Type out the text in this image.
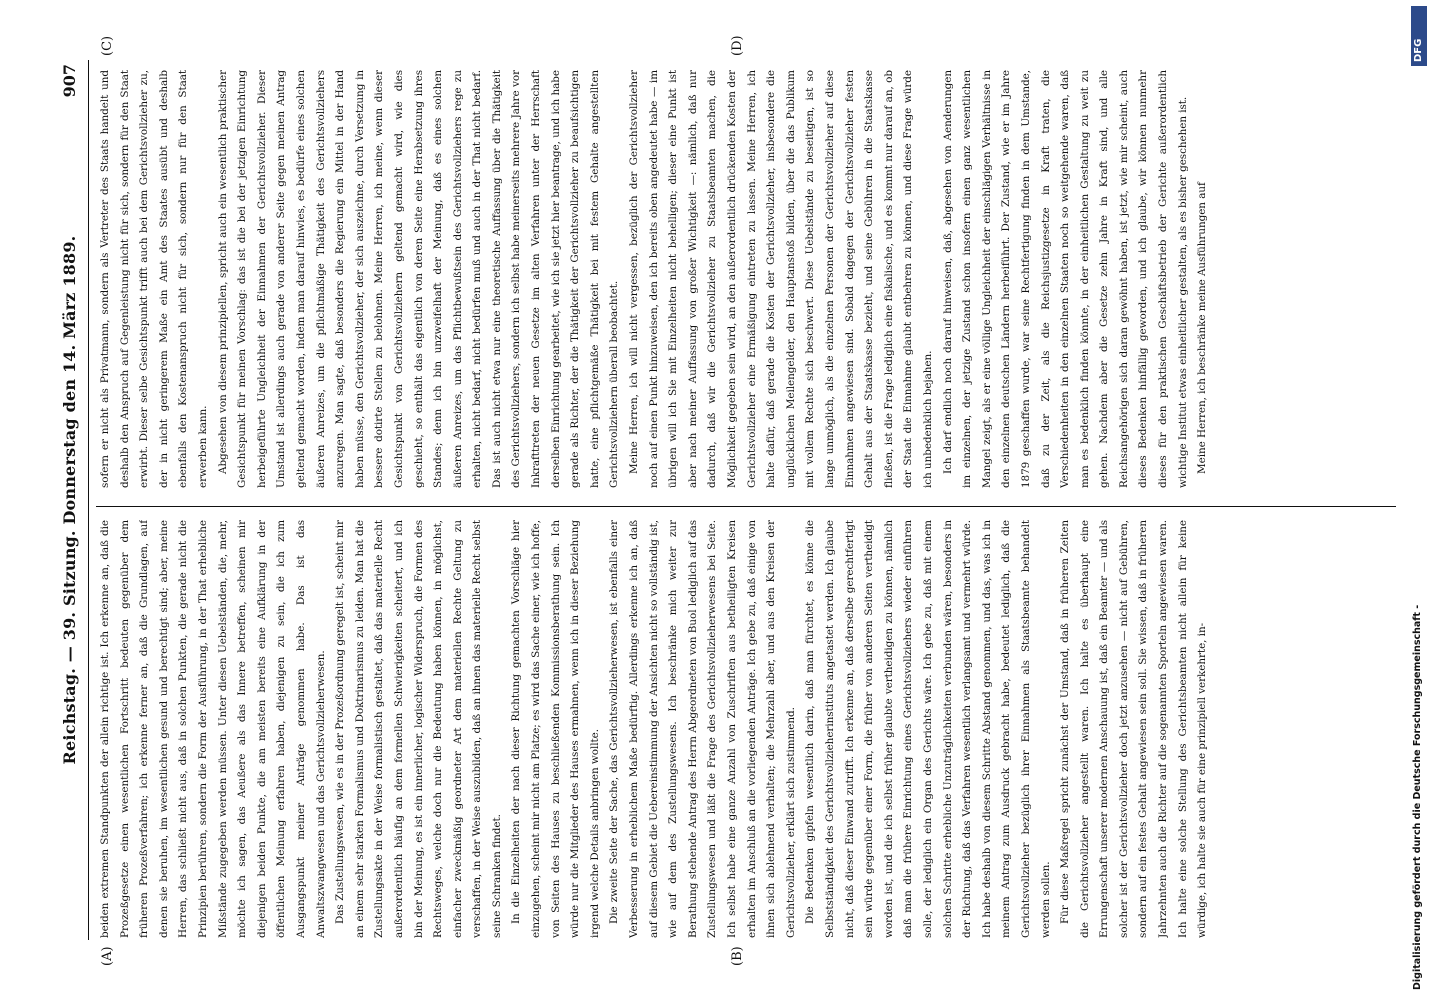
Reichstag. — 39. Sitzung. Donnerstag den 14. März 1889.
907

beiden extremen Standpunkten der allein richtige ist. Ich erkenne an, daß die Prozeßgesetze einen wesentlichen Fortschritt bedeuten gegenüber dem früheren Prozeßverfahren; ich erkenne ferner an, daß die Grundlagen, auf denen sie beruhen, im wesentlichen gesund und berechtigt sind; aber, meine Herren, das schließt nicht aus, daß in solchen Punkten, die gerade nicht die Prinzipien berühren, sondern die Form der Ausführung, in der That erhebliche Mißstände zugegeben werden müssen. Unter diesen Uebelständen, die, mehr, möchte ich sagen, das Aeußere als das Innere betreffen, scheinen mir diejenigen beiden Punkte, die am meisten bereits eine Aufklärung in der öffentlichen Meinung erfahren haben, diejenigen zu sein, die ich zum Ausgangspunkt meiner Anträge genommen habe. Das ist das Anwaltszwangwesen und das Gerichtsvollzieherwesen. Das Zustellungswesen, wie es in der Prozeßordnung geregelt ist, scheint mir an einem sehr starken Formalismus und Doktrinarismus zu leiden. Man hat die Zustellungsakte in der Weise formalistisch gestaltet, daß das materielle Recht außerordentlich häufig an dem formellen Schwierigkeiten scheitert, und ich bin der Meinung, es ist ein innerlicher, logischer Widerspruch, die Formen des Rechtsweges, welche doch nur die Bedeutung haben können, in möglichst, einfacher zweckmäßig geordneter Art dem materiellen Rechte Geltung zu verschaffen, in der Weise auszubilden, daß an ihnen das materielle Recht selbst seine Schranken findet. In die Einzelheiten der nach dieser Richtung gemachten Vorschläge hier einzugehen, scheint mir nicht am Platze; es wird das Sache einer, wie ich hoffe, von Seiten des Hauses zu beschließenden Kommissionsberathung sein. Ich würde nur die Mitglieder des Hauses ermahnen, wenn ich in dieser Beziehung irgend welche Details anbringen wollte. Die zweite Seite der Sache, das Gerichtsvollzieherwesen, ist ebenfalls einer Verbesserung in erheblichem Maße bedürftig. Allerdings erkenne ich an, daß auf diesem Gebiet die Uebereinstimmung der Ansichten nicht so vollständig ist, wie auf dem des Zustellungswesens. Ich beschränke mich weiter zur Berathung stehende Antrag des Herrn Abgeordneten von Buol lediglich auf das Zustellungswesen und läßt die Frage des Gerichtsvollzieherwesens bei Seite. Ich selbst habe eine ganze Anzahl von Zuschriften aus betheiligten Kreisen erhalten im Anschluß an die vorliegenden Anträge. Ich gebe zu, daß einige von ihnen sich ablehnend verhalten; die Mehrzahl aber, und aus den Kreisen der Gerichtsvollzieher, erklärt sich zustimmend. Die Bedenken gipfeln wesentlich darin, daß man fürchtet, es könne die Selbstständigkeit des Gerichtsvollzieherinstituts angetastet werden. Ich glaube nicht, daß dieser Einwand zutrifft. Ich erkenne an, daß derselbe gerechtfertigt sein würde gegenüber einer Form, die früher von anderen Seiten vertheidigt worden ist, und die ich selbst früher glaubte vertheidigen zu können, nämlich daß man die frühere Einrichtung eines Gerichtsvollziehers wieder einführen solle, der lediglich ein Organ des Gerichts wäre. Ich gebe zu, daß mit einem solchen Schritte erhebliche Unzuträglichkeiten verbunden wären, besonders in der Richtung, daß das Verfahren wesentlich verlangsamt und vermehrt würde. Ich habe deshalb von diesem Schritte Abstand genommen, und das, was ich in meinem Antrag zum Ausdruck gebracht habe, bedeutet lediglich, daß die Gerichtsvollzieher bezüglich ihrer Einnahmen als Staatsbeamte behandelt werden sollen. Für diese Maßregel spricht zunächst der Umstand, daß in früheren Zeiten die Gerichtsvollzieher angestellt waren. Ich halte es überhaupt eine Errungenschaft unserer modernen Anschauung ist, daß ein Beamter — und als solcher ist der Gerichtsvollzieher doch jetzt anzusehen — nicht auf Gebühren, sondern auf ein festes Gehalt angewiesen sein soll. Sie wissen, daß in früheren Jahrzehnten auch die Richter auf die sogenannten Sporteln angewiesen waren. Ich halte eine solche Stellung des Gerichtsbeamten nicht allein für keine würdige, ich halte sie auch für eine prinzipiell verkehrte, in-

sofern er nicht als Privatmann, sondern als Vertreter des Staats handelt und deshalb den Anspruch auf Gegenleistung nicht für sich, sondern für den Staat erwirbt. Dieser selbe Gesichtspunkt trifft auch bei dem Gerichtsvollzieher zu, der in nicht geringerem Maße ein Amt des Staates ausübt und deshalb ebenfalls den Kostenanspruch nicht für sich, sondern nur für den Staat erwerben kann. Abgesehen von diesem prinzipiellen, spricht auch ein wesentlich praktischer Gesichtspunkt für meinen Vorschlag: das ist die bei der jetzigen Einrichtung herbeigeführte Ungleichheit der Einnahmen der Gerichtsvollzieher. Dieser Umstand ist allerdings auch gerade von anderer Seite gegen meinen Antrag geltend gemacht worden, indem man darauf hinwies, es bedürfe eines solchen äußeren Anreizes, um die pflichtmäßige Thätigkeit des Gerichtsvollziehers anzuregen. Man sagte, daß besonders die Regierung ein Mittel in der Hand haben müsse, den Gerichtsvollzieher, der sich auszeichne, durch Versetzung in bessere dotirte Stellen zu belohnen. Meine Herren, ich meine, wenn dieser Gesichtspunkt von Gerichtsvollziehern geltend gemacht wird, wie dies geschieht, so enthält das eigentlich von deren Seite eine Herabsetzung ihres Standes; denn ich bin unzweifelhaft der Meinung, daß es eines solchen äußeren Anreizes, um das Pflichtbewußtsein des Gerichtsvollziehers rege zu erhalten, nicht bedarf, nicht bedürfen muß und auch in der That nicht bedarf. Das ist auch nicht etwa nur eine theoretische Auffassung über die Thätigkeit des Gerichtsvollziehers, sondern ich selbst habe meinerseits mehrere Jahre vor Inkrafttreten der neuen Gesetze im alten Verfahren unter der Herrschaft derselben Einrichtung gearbeitet, wie ich sie jetzt hier beantrage, und ich habe gerade als Richter, der die Thätigkeit der Gerichtsvollzieher zu beaufsichtigen hatte, eine pflichtgemäße Thätigkeit bei mit festem Gehalte angestellten Gerichtsvollziehern überall beobachtet. Meine Herren, ich will nicht vergessen, bezüglich der Gerichtsvollzieher noch auf einen Punkt hinzuweisen, den ich bereits oben angedeutet habe — im übrigen will ich Sie mit Einzelheiten nicht behelligen; dieser eine Punkt ist aber nach meiner Auffassung von großer Wichtigkeit —: nämlich, daß nur dadurch, daß wir die Gerichtsvollzieher zu Staatsbeamten machen, die Möglichkeit gegeben sein wird, an den außerordentlich drückenden Kosten der Gerichtsvollzieher eine Ermäßigung eintreten zu lassen. Meine Herren, ich halte dafür, daß gerade die Kosten der Gerichtsvollzieher, insbesondere die unglücklichen Meilengelder, den Hauptanstoß bilden, über die das Publikum mit vollem Rechte sich beschwert. Diese Uebelstände zu beseitigen, ist so lange unmöglich, als die einzelnen Personen der Gerichtsvollzieher auf diese Einnahmen angewiesen sind. Sobald dagegen der Gerichtsvollzieher festen Gehalt aus der Staatskasse bezieht, und seine Gebühren in die Staatskasse fließen, ist die Frage lediglich eine fiskalische, und es kommt nur darauf an, ob der Staat die Einnahme glaubt entbehren zu können, und diese Frage würde ich unbedenklich bejahen. Ich darf endlich noch darauf hinweisen, daß, abgesehen von Aenderungen im einzelnen, der jetzige Zustand schon insofern einen ganz wesentlichen Mangel zeigt, als er eine völlige Ungleichheit der einschlägigen Verhältnisse in den einzelnen deutschen Ländern herbeiführt. Der Zustand, wie er im Jahre 1879 geschaffen wurde, war seine Rechtfertigung finden in dem Umstande, daß zu der Zeit, als die Reichsjustizgesetze in Kraft traten, die Verschiedenheiten in den einzelnen Staaten noch so weitgehende waren, daß man es bedenklich finden könnte, in der einheitlichen Gestaltung zu weit zu gehen. Nachdem aber die Gesetze zehn Jahre in Kraft sind, und alle Reichsangehörigen sich daran gewöhnt haben, ist jetzt, wie mir scheint, auch dieses Bedenken hinfällig geworden, und ich glaube, wir können nunmehr dieses für den praktischen Geschäftsbetrieb der Gerichte außerordentlich wichtige Institut etwas einheitlicher gestalten, als es bisher geschehen ist. Meine Herren, ich beschränke meine Ausführungen auf

(A)	(B)
(C)	(D)	DFG
Digitalisierung gefördert durch die Deutsche Forschungsgemeinschaft -
